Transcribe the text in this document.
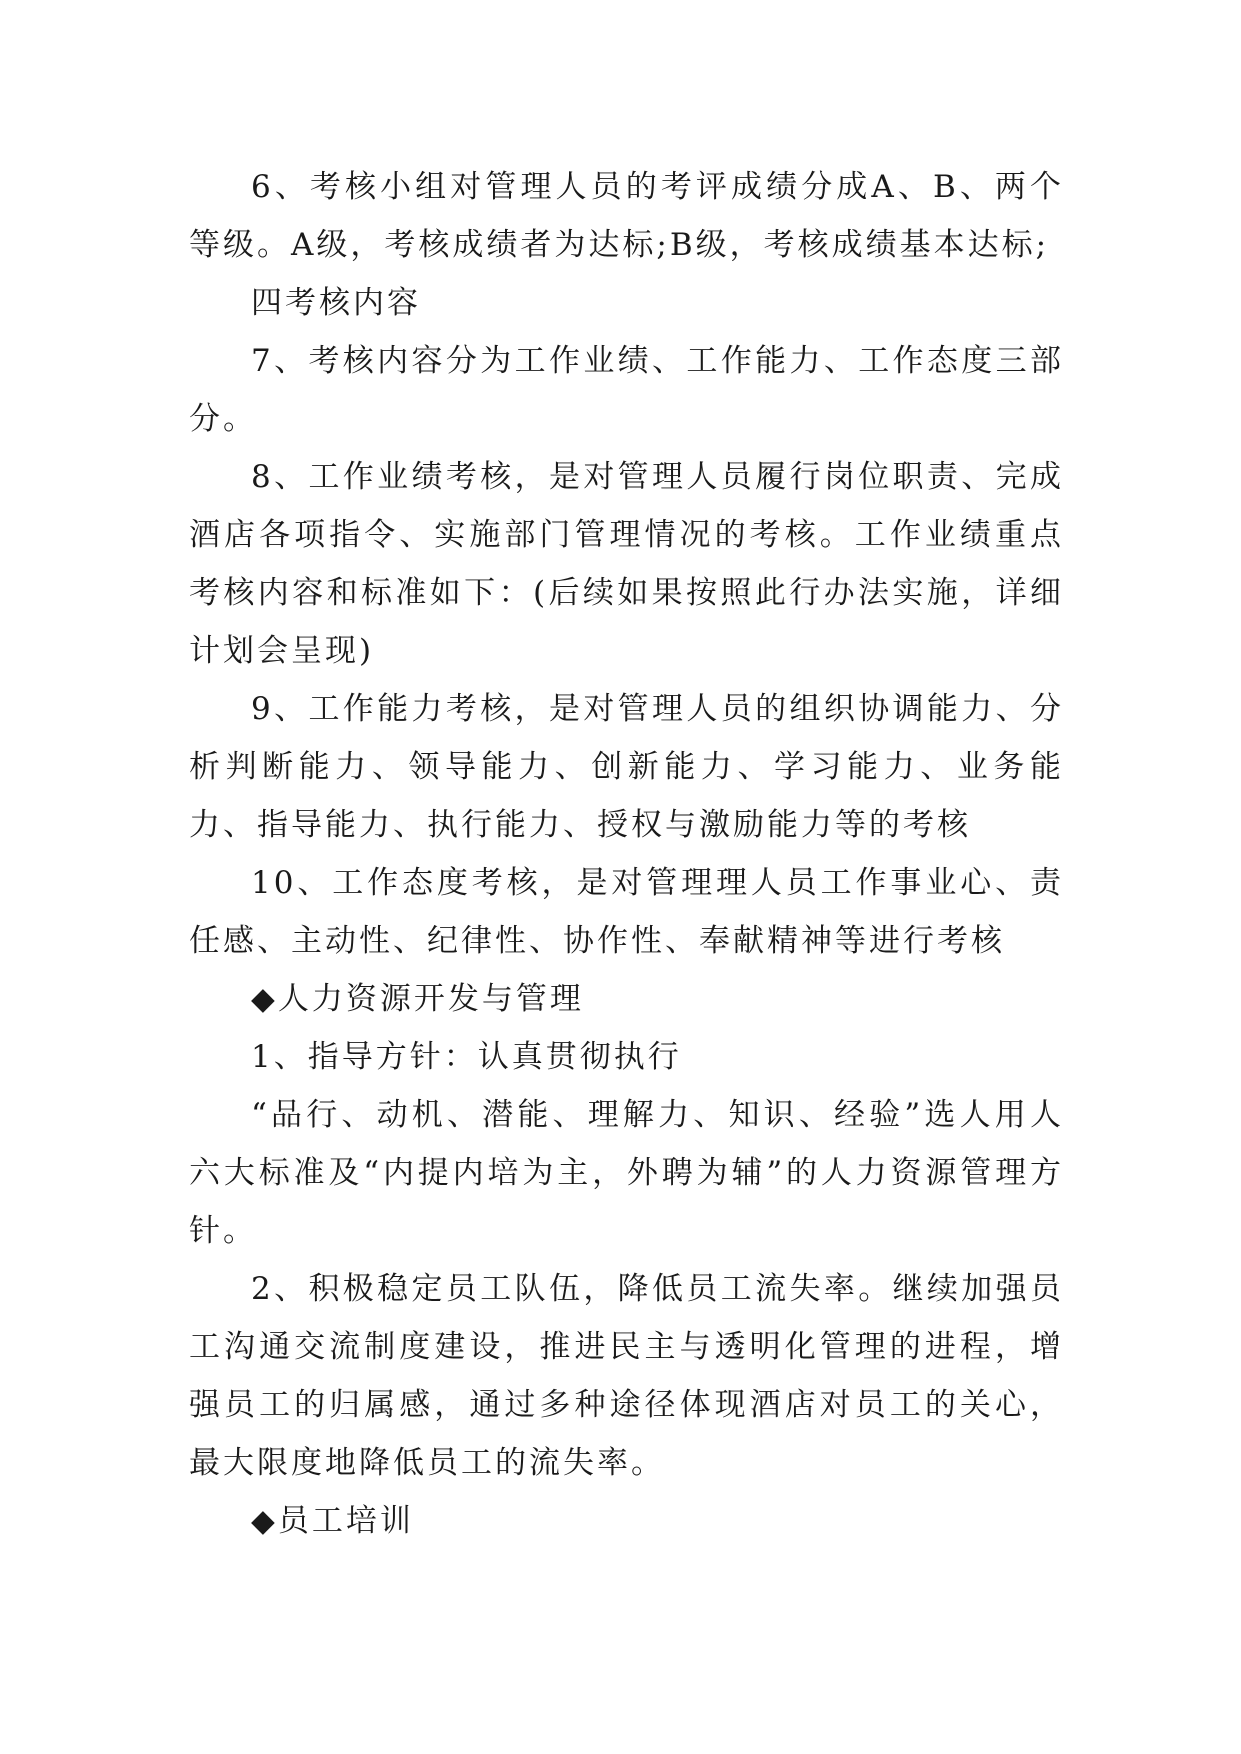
6、考核小组对管理人员的考评成绩分成A、B、两个等级。A级，考核成绩者为达标;B级，考核成绩基本达标;

四考核内容

7、考核内容分为工作业绩、工作能力、工作态度三部分。

8、工作业绩考核，是对管理人员履行岗位职责、完成酒店各项指令、实施部门管理情况的考核。工作业绩重点考核内容和标准如下：(后续如果按照此行办法实施，详细计划会呈现)

9、工作能力考核，是对管理人员的组织协调能力、分析判断能力、领导能力、创新能力、学习能力、业务能力、指导能力、执行能力、授权与激励能力等的考核

10、工作态度考核，是对管理理人员工作事业心、责任感、主动性、纪律性、协作性、奉献精神等进行考核

◆人力资源开发与管理

1、指导方针：认真贯彻执行

“品行、动机、潜能、理解力、知识、经验”选人用人六大标准及“内提内培为主，外聘为辅”的人力资源管理方针。

2、积极稳定员工队伍，降低员工流失率。继续加强员工沟通交流制度建设，推进民主与透明化管理的进程，增强员工的归属感，通过多种途径体现酒店对员工的关心，最大限度地降低员工的流失率。

◆员工培训
